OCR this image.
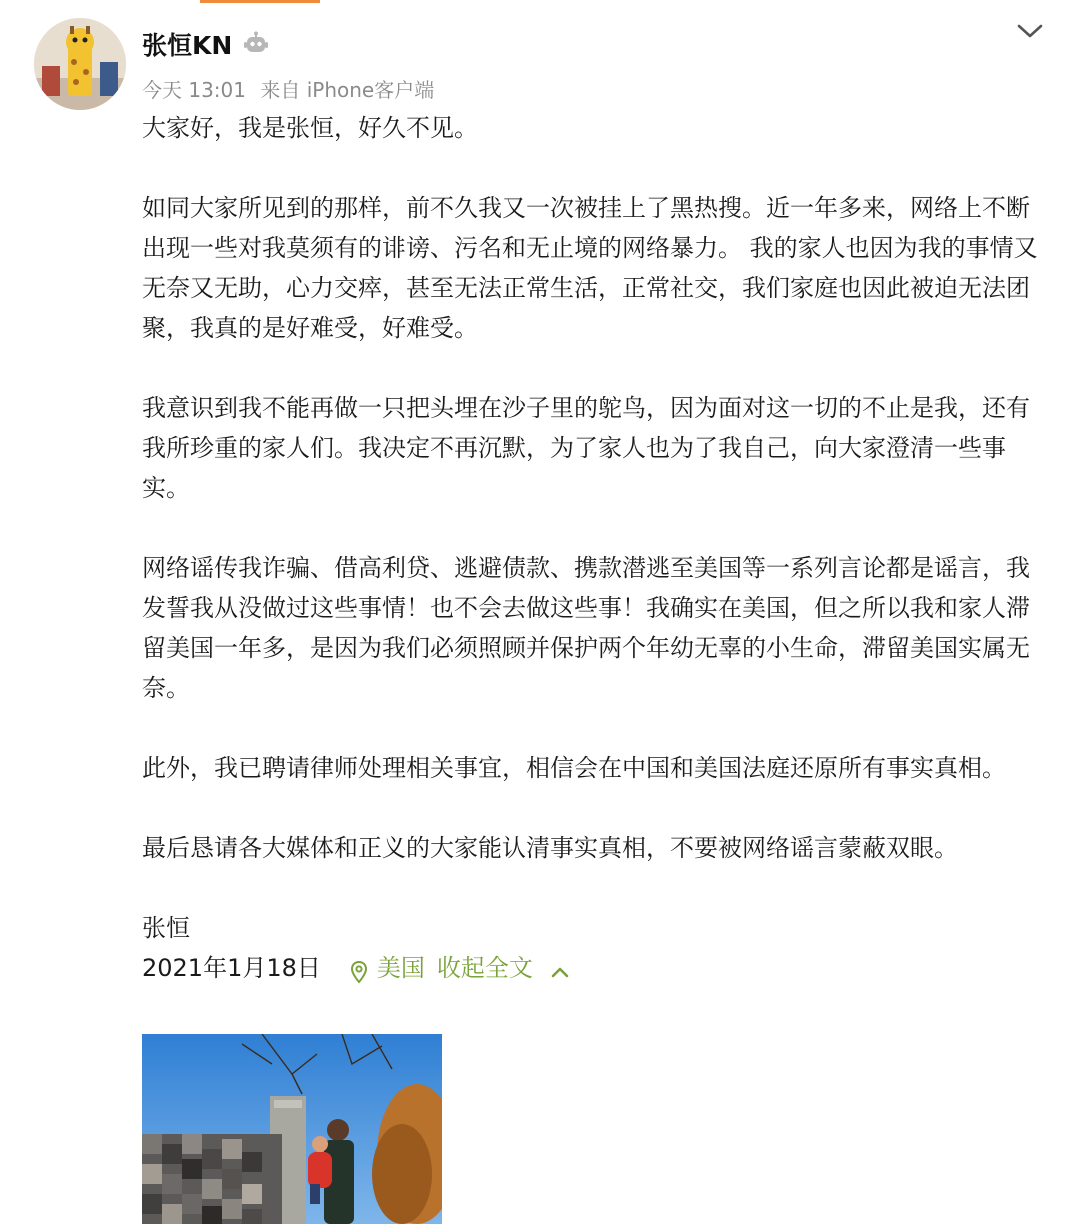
张恒KN
今天 13:01 来自 iPhone客户端

大家好，我是张恒，好久不见。

如同大家所见到的那样，前不久我又一次被挂上了黑热搜。近一年多来，网络上不断出现一些对我莫须有的诽谤、污名和无止境的网络暴力。 我的家人也因为我的事情又无奈又无助，心力交瘁，甚至无法正常生活，正常社交，我们家庭也因此被迫无法团聚，我真的是好难受，好难受。

我意识到我不能再做一只把头埋在沙子里的鸵鸟，因为面对这一切的不止是我，还有我所珍重的家人们。我决定不再沉默，为了家人也为了我自己，向大家澄清一些事实。

网络谣传我诈骗、借高利贷、逃避债款、携款潜逃至美国等一系列言论都是谣言，我发誓我从没做过这些事情！也不会去做这些事！我确实在美国，但之所以我和家人滞留美国一年多，是因为我们必须照顾并保护两个年幼无辜的小生命，滞留美国实属无奈。

此外，我已聘请律师处理相关事宜，相信会在中国和美国法庭还原所有事实真相。

最后恳请各大媒体和正义的大家能认清事实真相，不要被网络谣言蒙蔽双眼。

张恒

2021年1月18日 美国 收起全文
